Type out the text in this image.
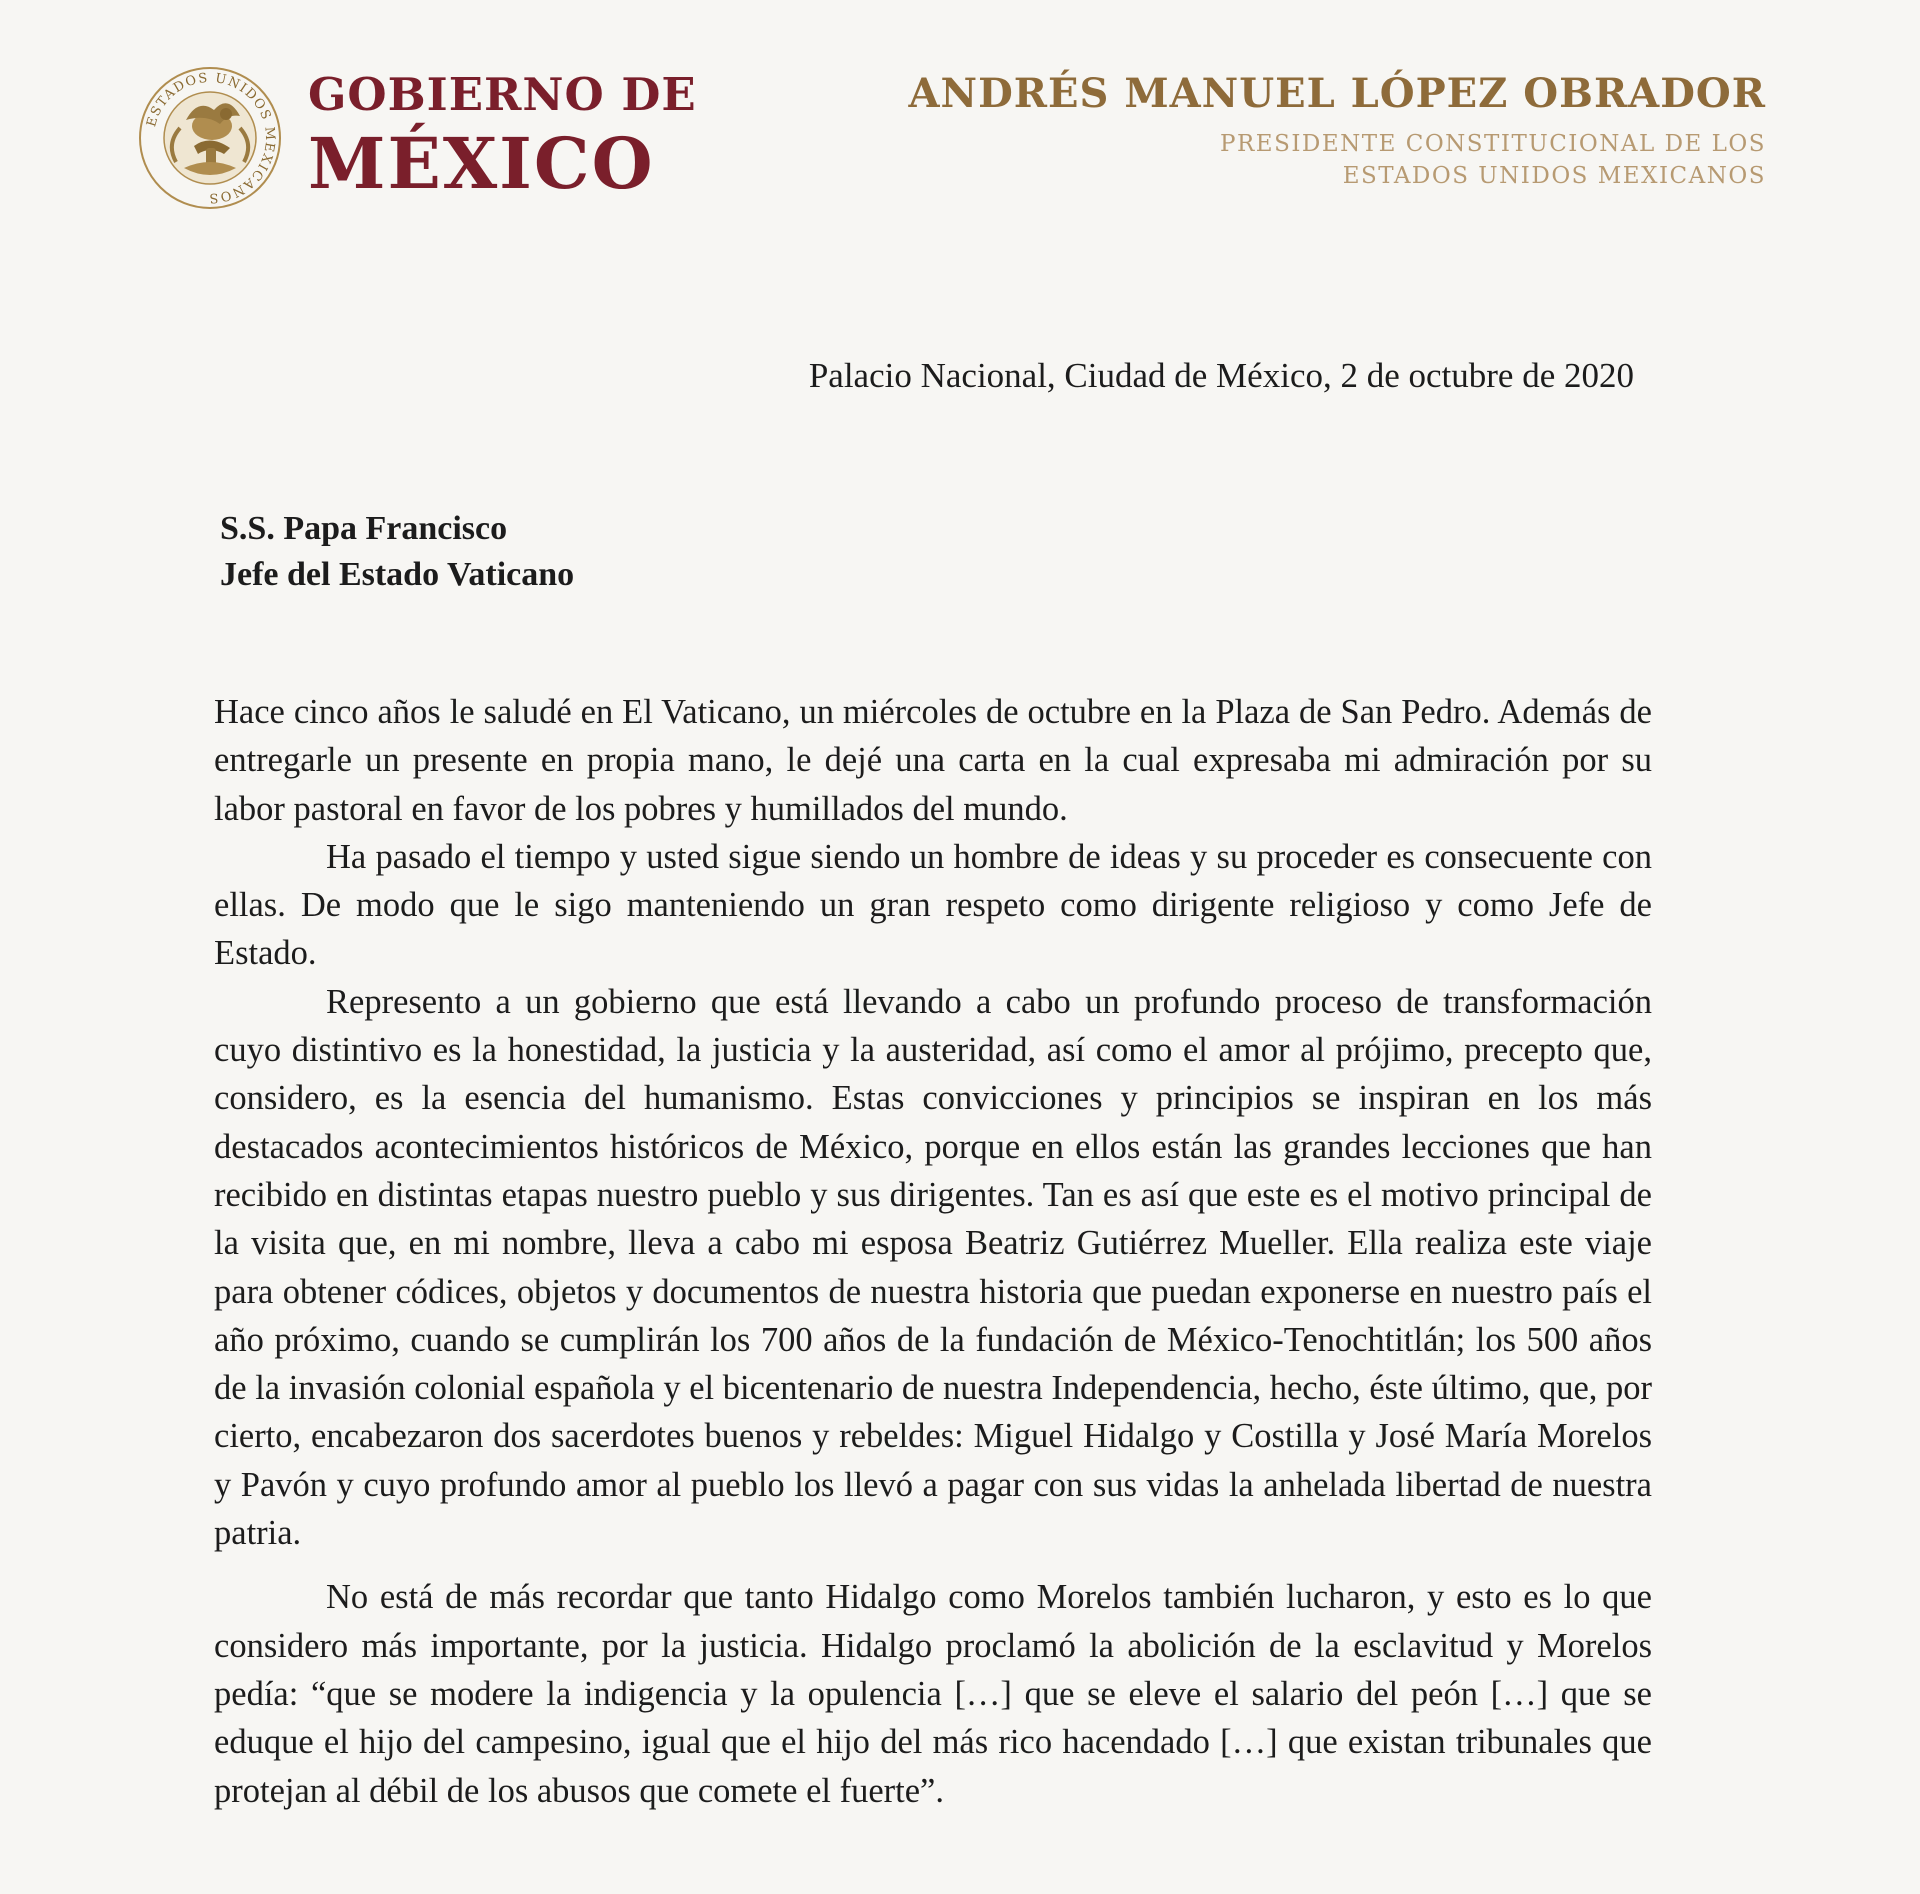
ESTADOS UNIDOS MEXICANOS
GOBIERNO DE
MÉXICO

ANDRÉS MANUEL LÓPEZ OBRADOR

PRESIDENTE CONSTITUCIONAL DE LOS
ESTADOS UNIDOS MEXICANOS

Palacio Nacional, Ciudad de México, 2 de octubre de 2020

S.S. Papa Francisco
Jefe del Estado Vaticano

Hace cinco años le saludé en El Vaticano, un miércoles de octubre en la Plaza de San Pedro. Además de entregarle un presente en propia mano, le dejé una carta en la cual expresaba mi admiración por su labor pastoral en favor de los pobres y humillados del mundo.

Ha pasado el tiempo y usted sigue siendo un hombre de ideas y su proceder es consecuente con ellas. De modo que le sigo manteniendo un gran respeto como dirigente religioso y como Jefe de Estado.

Represento a un gobierno que está llevando a cabo un profundo proceso de transformación cuyo distintivo es la honestidad, la justicia y la austeridad, así como el amor al prójimo, precepto que, considero, es la esencia del humanismo. Estas convicciones y principios se inspiran en los más destacados acontecimientos históricos de México, porque en ellos están las grandes lecciones que han recibido en distintas etapas nuestro pueblo y sus dirigentes. Tan es así que este es el motivo principal de la visita que, en mi nombre, lleva a cabo mi esposa Beatriz Gutiérrez Mueller. Ella realiza este viaje para obtener códices, objetos y documentos de nuestra historia que puedan exponerse en nuestro país el año próximo, cuando se cumplirán los 700 años de la fundación de México-Tenochtitlán; los 500 años de la invasión colonial española y el bicentenario de nuestra Independencia, hecho, éste último, que, por cierto, encabezaron dos sacerdotes buenos y rebeldes: Miguel Hidalgo y Costilla y José María Morelos y Pavón y cuyo profundo amor al pueblo los llevó a pagar con sus vidas la anhelada libertad de nuestra patria.

No está de más recordar que tanto Hidalgo como Morelos también lucharon, y esto es lo que considero más importante, por la justicia. Hidalgo proclamó la abolición de la esclavitud y Morelos pedía: “que se modere la indigencia y la opulencia […] que se eleve el salario del peón […] que se eduque el hijo del campesino, igual que el hijo del más rico hacendado […] que existan tribunales que protejan al débil de los abusos que comete el fuerte”.
